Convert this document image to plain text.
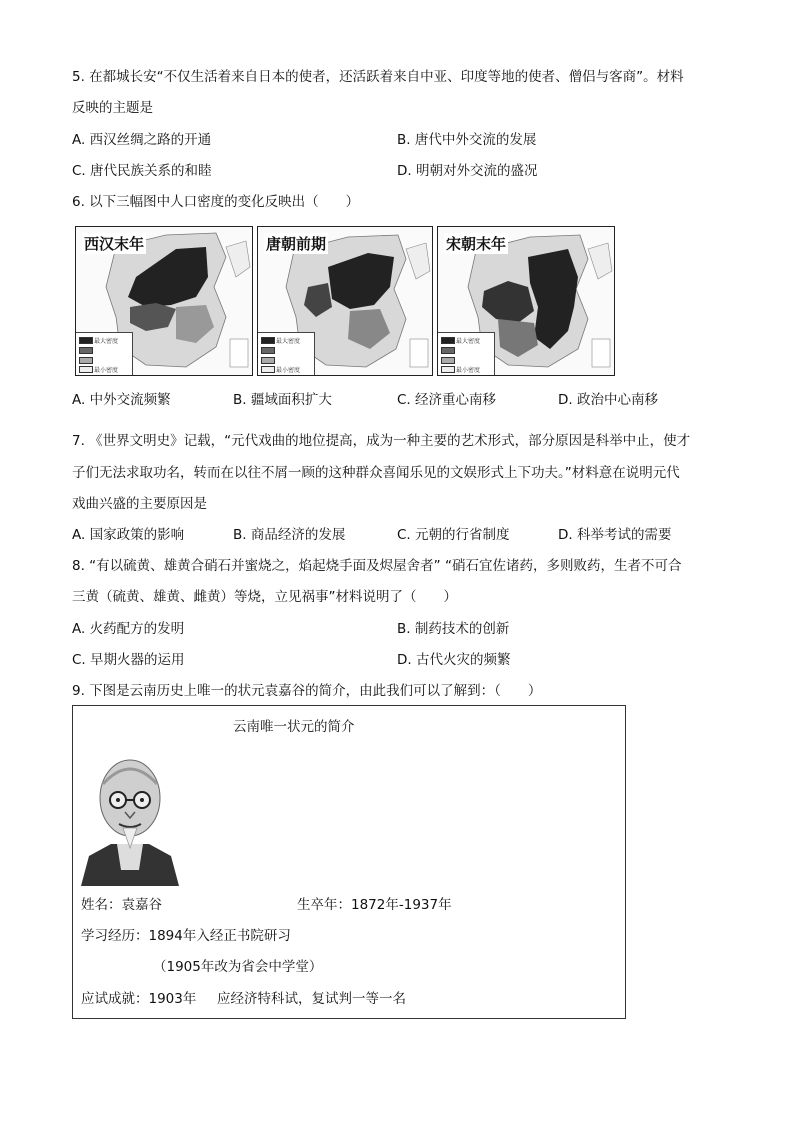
5. 在都城长安“不仅生活着来自日本的使者，还活跃着来自中亚、印度等地的使者、僧侣与客商”。材料
反映的主题是
A. 西汉丝绸之路的开通	B. 唐代中外交流的发展
C. 唐代民族关系的和睦	D. 明朝对外交流的盛况
6. 以下三幅图中人口密度的变化反映出（　　）
西汉末年
最大密度
最小密度
唐朝前期
最大密度
最小密度
宋朝末年
最大密度
最小密度
A. 中外交流频繁	B. 疆域面积扩大	C. 经济重心南移	D. 政治中心南移
7. 《世界文明史》记载，“元代戏曲的地位提高，成为一种主要的艺术形式，部分原因是科举中止，使才
子们无法求取功名，转而在以往不屑一顾的这种群众喜闻乐见的文娱形式上下功夫。”材料意在说明元代
戏曲兴盛的主要原因是
A. 国家政策的影响	B. 商品经济的发展	C. 元朝的行省制度	D. 科举考试的需要
8. “有以硫黄、雄黄合硝石并蜜烧之，焰起烧手面及烬屋舍者” “硝石宜佐诸药，多则败药，生者不可合
三黄（硫黄、雄黄、雌黄）等烧，立见祸事”材料说明了（　　）
A. 火药配方的发明	B. 制药技术的创新
C. 早期火器的运用	D. 古代火灾的频繁
9. 下图是云南历史上唯一的状元袁嘉谷的简介，由此我们可以了解到：（　　）
云南唯一状元的简介
姓名：袁嘉谷	生卒年：1872年-1937年
学习经历：1894年入经正书院研习
（1905年改为省会中学堂）
应试成就：1903年 应经济特科试，复试判一等一名
